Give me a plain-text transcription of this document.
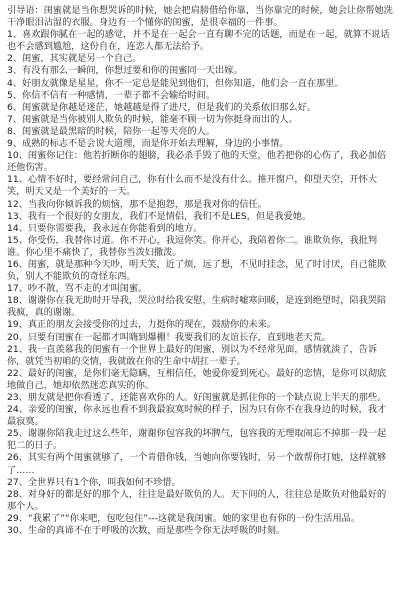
引导语：闺蜜就是当你想哭诉的时候，她会把肩膀借给你靠，当你靠完的时候，她会让你帮她洗干净眼泪沾湿的衣服。身边有一个懂你的闺蜜，是很幸福的一件事。

1、喜欢跟你腻在一起的感觉，并不是在一起会一直有聊不完的话题，而是在一起，就算不说话也不会感到尴尬，这份自在，连恋人都无法给予。

2、闺蜜，其实就是另一个自己。

3、有没有那么一瞬间，你想过要和你的闺蜜同一天出嫁。

4、好朋友就像是星星，你不一定总是能见到他们，但你知道，他们会一直在那里。

5、你信不信有一种感情，一辈子都不会输给时间。

6、闺蜜就是你越是迷茫，她越越是得了进尺，但是我们的关系依旧那么好。

7、闺蜜就是当你被别人欺负的时候，能毫不顾一切为你挺身而出的人。

8、闺蜜就是最黑暗的时候，陪你一起等天亮的人。

9、成熟的标志不是会说大道理，而是你开始去理解，身边的小事情。

10、闺蜜你记住：他若折断你的翅膀，我必杀手毁了他的天堂，他若把你的心伤了，我必加倍还他伤害。

11、心情不好时，要经常问自己，你有什么而不是没有什么。推开窗户，仰望天空，开怀大笑，明天又是一个美好的一天。

12、当我向你倾诉我的烦恼，那不是抱怨，那是我对你的信任。

13、我有一个很好的女朋友，我们不是情侣，我们不是LES，但是我爱她。

14、只要你需要我，我永远在你能看到的地方。

15、你受伤，我替你讨道。你不开心，我逗你笑。你开心，我陪着你二。谁欺负你，我批判谁。你心里不痛快了，我替你当泼妇撒泼。

16、闺蜜，就是那种今天吵，明天笑，近了烦，远了想，不见时挂念，见了时讨厌，自己能欺负，别人不能欺负的奇怪东西。

17、吵不散，骂不走的才叫闺蜜。

18、谢谢你在我无助时开导我，哭泣时给我安慰，生病时嘘寒问暖，是连到绝望时，陪我哭陪我疯，真的谢谢。

19、真正的朋友会接受你的过去，力挺你的现在，鼓励你的未来。

20、只要有闺蜜在一起都才叫嗨到爆棚！我要我们的友谊长存，直到地老天荒。

21、我一直羡慕我的闺蜜有一个世界上最好的闺蜜，别以为不经常见面，感情就淡了，告诉你，就凭当初咱的交情，我就敢在你的生命中胡扛一辈子。

22、最好的闺蜜，是你们毫无隐瞒，互相信任，她爱你爱到死心。最好的恋情，是你可以彻底地做自己，她却依然迷恋真实的你。

23、朋友就是把你看透了，还能喜欢你的人。好闺蜜就是抓住你的一个缺点说上半天的那些。

24、亲爱的闺蜜，你永远也看不到我最寂寞时候的样子，因为只有你不在我身边的时候，我才最寂寞。

25、谢谢你陪我走过这么些年，谢谢你包容我的坏脾气，包容我的无理取闹忘不掉那一段一起犯二的日子。

26、其实有两个闺蜜就够了，一个肯借你钱，当她向你要钱时，另一个敢帮你打她，这样就够了……

27、全世界只有1个你，叫我如何不珍惜。

28、对身好的都是好的那个人，往往是最好欺负的人。天下间的人，往往总是欺负对他最好的那个人。

29、“我累了”“你来吧，包吃包住”---这就是我闺蜜。她的家里也有你的一份生活用品。

30、生命的真谛不在于呼吸的次数，而是那些令你无法呼吸的时刻。
